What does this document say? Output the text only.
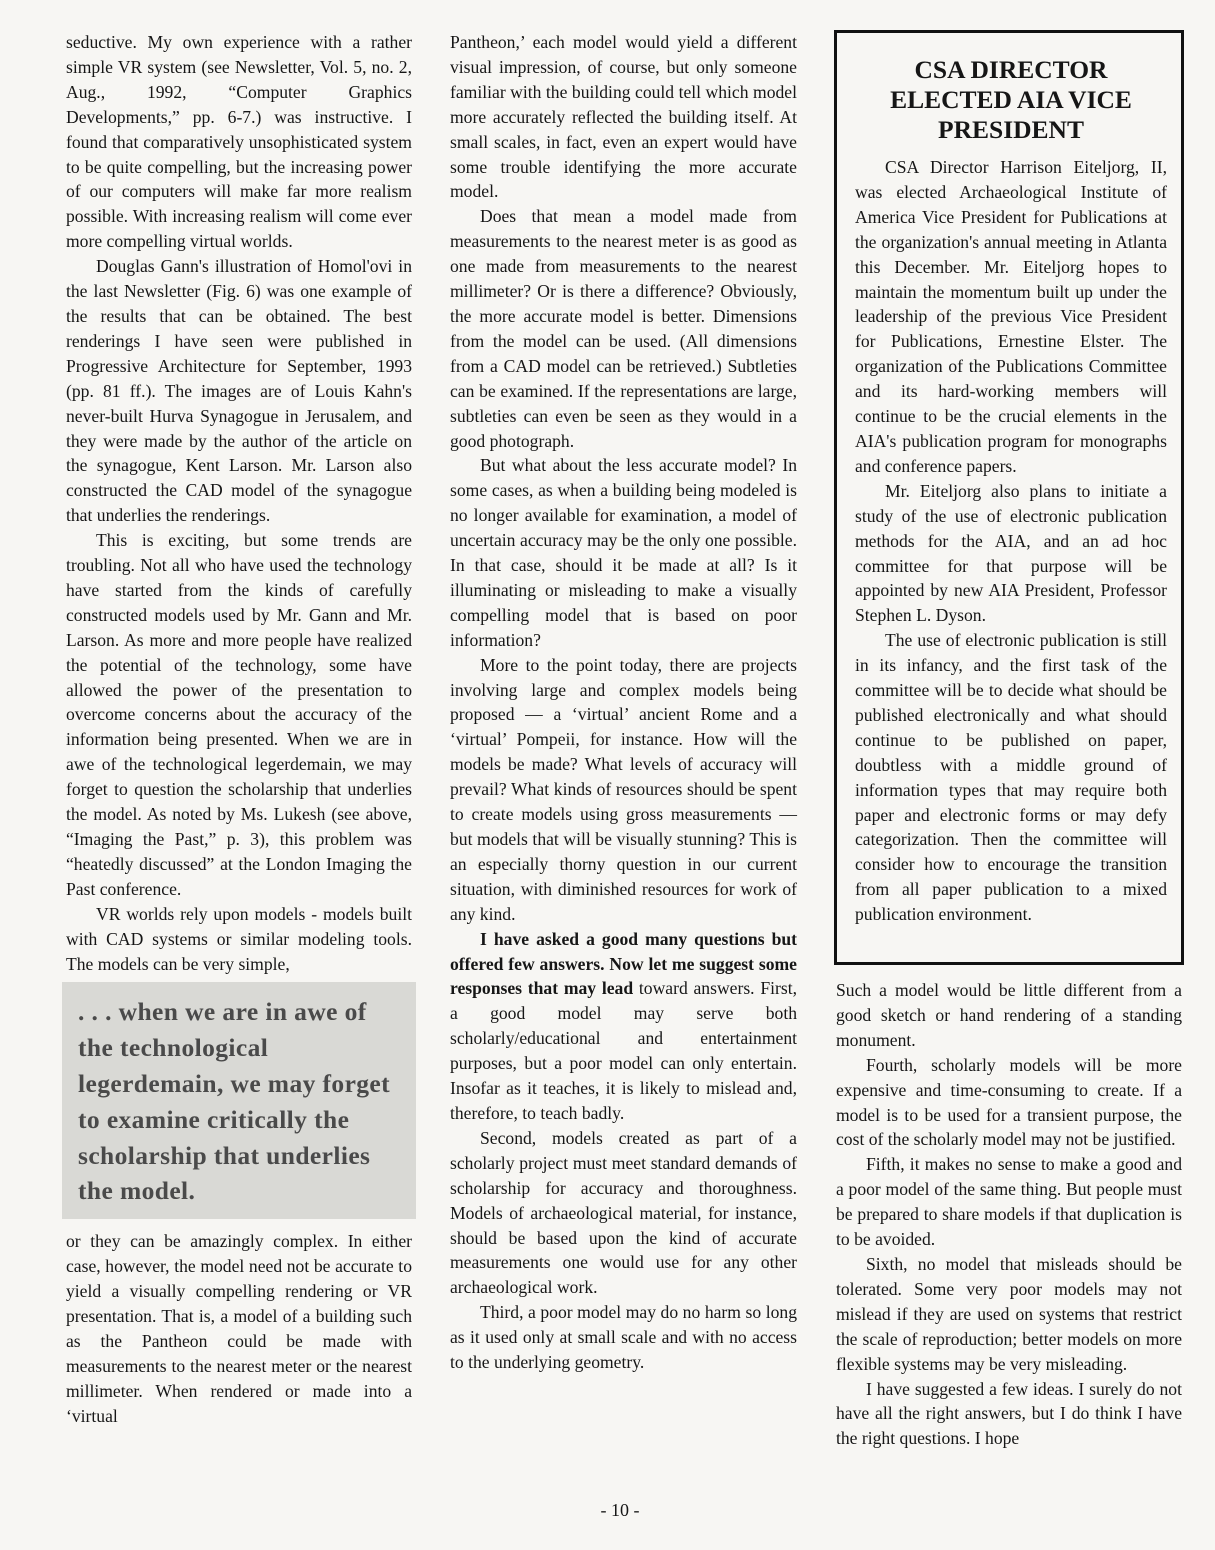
seductive. My own experience with a rather simple VR system (see Newsletter, Vol. 5, no. 2, Aug., 1992, “Computer Graphics Developments,” pp. 6-7.) was instructive. I found that comparatively unsophisticated system to be quite compelling, but the increasing power of our computers will make far more realism possible. With increasing realism will come ever more compelling virtual worlds.

Douglas Gann's illustration of Homol'ovi in the last Newsletter (Fig. 6) was one example of the results that can be obtained. The best renderings I have seen were published in Progressive Architecture for September, 1993 (pp. 81 ff.). The images are of Louis Kahn's never-built Hurva Synagogue in Jerusalem, and they were made by the author of the article on the synagogue, Kent Larson. Mr. Larson also constructed the CAD model of the synagogue that underlies the renderings.

This is exciting, but some trends are troubling. Not all who have used the technology have started from the kinds of carefully constructed models used by Mr. Gann and Mr. Larson. As more and more people have realized the potential of the technology, some have allowed the power of the presentation to overcome concerns about the accuracy of the information being presented. When we are in awe of the technological legerdemain, we may forget to question the scholarship that underlies the model. As noted by Ms. Lukesh (see above, “Imaging the Past,” p. 3), this problem was “heatedly discussed” at the London Imaging the Past conference.

VR worlds rely upon models - models built with CAD systems or similar modeling tools. The models can be very simple,

. . . when we are in awe of the technological legerdemain, we may forget to examine critically the scholarship that underlies the model.

or they can be amazingly complex. In either case, however, the model need not be accurate to yield a visually compelling rendering or VR presentation. That is, a model of a building such as the Pantheon could be made with measurements to the nearest meter or the nearest millimeter. When rendered or made into a ‘virtual

Pantheon,’ each model would yield a different visual impression, of course, but only someone familiar with the building could tell which model more accurately reflected the building itself. At small scales, in fact, even an expert would have some trouble identifying the more accurate model.

Does that mean a model made from measurements to the nearest meter is as good as one made from measurements to the nearest millimeter? Or is there a difference? Obviously, the more accurate model is better. Dimensions from the model can be used. (All dimensions from a CAD model can be retrieved.) Subtleties can be examined. If the representations are large, subtleties can even be seen as they would in a good photograph.

But what about the less accurate model? In some cases, as when a building being modeled is no longer available for examination, a model of uncertain accuracy may be the only one possible. In that case, should it be made at all? Is it illuminating or misleading to make a visually compelling model that is based on poor information?

More to the point today, there are projects involving large and complex models being proposed — a ‘virtual’ ancient Rome and a ‘virtual’ Pompeii, for instance. How will the models be made? What levels of accuracy will prevail? What kinds of resources should be spent to create models using gross measurements — but models that will be visually stunning? This is an especially thorny question in our current situation, with diminished resources for work of any kind.

I have asked a good many questions but offered few answers. Now let me suggest some responses that may lead toward answers. First, a good model may serve both scholarly/educational and entertainment purposes, but a poor model can only entertain. Insofar as it teaches, it is likely to mislead and, therefore, to teach badly.

Second, models created as part of a scholarly project must meet standard demands of scholarship for accuracy and thoroughness. Models of archaeological material, for instance, should be based upon the kind of accurate measurements one would use for any other archaeological work.

Third, a poor model may do no harm so long as it used only at small scale and with no access to the underlying geometry.

CSA DIRECTOR ELECTED AIA VICE PRESIDENT

CSA Director Harrison Eiteljorg, II, was elected Archaeological Institute of America Vice President for Publications at the organization's annual meeting in Atlanta this December. Mr. Eiteljorg hopes to maintain the momentum built up under the leadership of the previous Vice President for Publications, Ernestine Elster. The organization of the Publications Committee and its hard-working members will continue to be the crucial elements in the AIA's publication program for monographs and conference papers.

Mr. Eiteljorg also plans to initiate a study of the use of electronic publication methods for the AIA, and an ad hoc committee for that purpose will be appointed by new AIA President, Professor Stephen L. Dyson.

The use of electronic publication is still in its infancy, and the first task of the committee will be to decide what should be published electronically and what should continue to be published on paper, doubtless with a middle ground of information types that may require both paper and electronic forms or may defy categorization. Then the committee will consider how to encourage the transition from all paper publication to a mixed publication environment.

Such a model would be little different from a good sketch or hand rendering of a standing monument.

Fourth, scholarly models will be more expensive and time-consuming to create. If a model is to be used for a transient purpose, the cost of the scholarly model may not be justified.

Fifth, it makes no sense to make a good and a poor model of the same thing. But people must be prepared to share models if that duplication is to be avoided.

Sixth, no model that misleads should be tolerated. Some very poor models may not mislead if they are used on systems that restrict the scale of reproduction; better models on more flexible systems may be very misleading.

I have suggested a few ideas. I surely do not have all the right answers, but I do think I have the right questions. I hope

- 10 -
